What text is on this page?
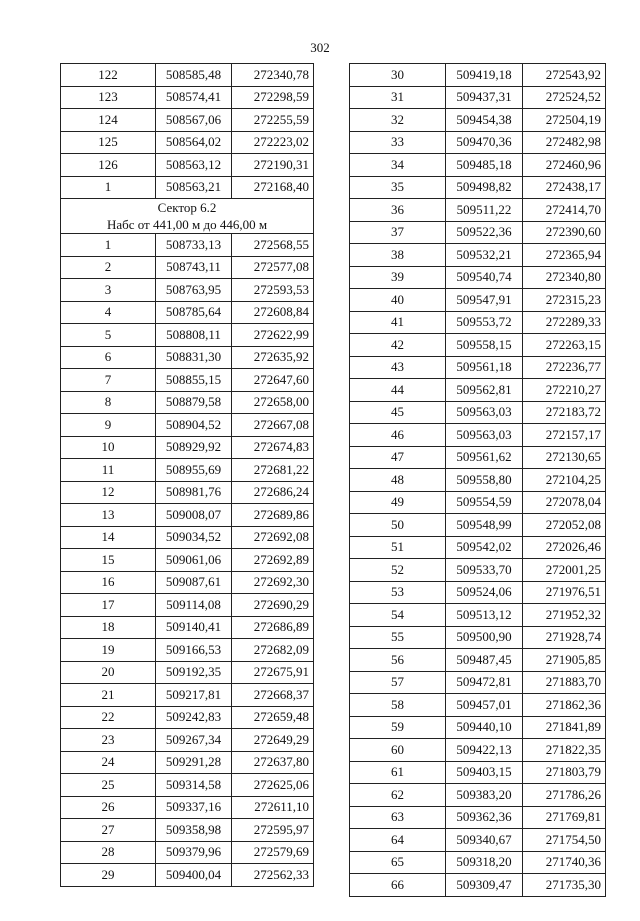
302
122	508585,48	272340,78
123	508574,41	272298,59
124	508567,06	272255,59
125	508564,02	272223,02
126	508563,12	272190,31
1	508563,21	272168,40

Сектор 6.2
Набс от 441,00 м до 446,00 м		

1	508733,13	272568,55
2	508743,11	272577,08
3	508763,95	272593,53
4	508785,64	272608,84
5	508808,11	272622,99
6	508831,30	272635,92
7	508855,15	272647,60
8	508879,58	272658,00
9	508904,52	272667,08
10	508929,92	272674,83
11	508955,69	272681,22
12	508981,76	272686,24
13	509008,07	272689,86
14	509034,52	272692,08
15	509061,06	272692,89
16	509087,61	272692,30
17	509114,08	272690,29
18	509140,41	272686,89
19	509166,53	272682,09
20	509192,35	272675,91
21	509217,81	272668,37
22	509242,83	272659,48
23	509267,34	272649,29
24	509291,28	272637,80
25	509314,58	272625,06
26	509337,16	272611,10
27	509358,98	272595,97
28	509379,96	272579,69
29	509400,04	272562,33
30	509419,18	272543,92
31	509437,31	272524,52
32	509454,38	272504,19
33	509470,36	272482,98
34	509485,18	272460,96
35	509498,82	272438,17
36	509511,22	272414,70
37	509522,36	272390,60
38	509532,21	272365,94
39	509540,74	272340,80
40	509547,91	272315,23
41	509553,72	272289,33
42	509558,15	272263,15
43	509561,18	272236,77
44	509562,81	272210,27
45	509563,03	272183,72
46	509563,03	272157,17
47	509561,62	272130,65
48	509558,80	272104,25
49	509554,59	272078,04
50	509548,99	272052,08
51	509542,02	272026,46
52	509533,70	272001,25
53	509524,06	271976,51
54	509513,12	271952,32
55	509500,90	271928,74
56	509487,45	271905,85
57	509472,81	271883,70
58	509457,01	271862,36
59	509440,10	271841,89
60	509422,13	271822,35
61	509403,15	271803,79
62	509383,20	271786,26
63	509362,36	271769,81
64	509340,67	271754,50
65	509318,20	271740,36
66	509309,47	271735,30
